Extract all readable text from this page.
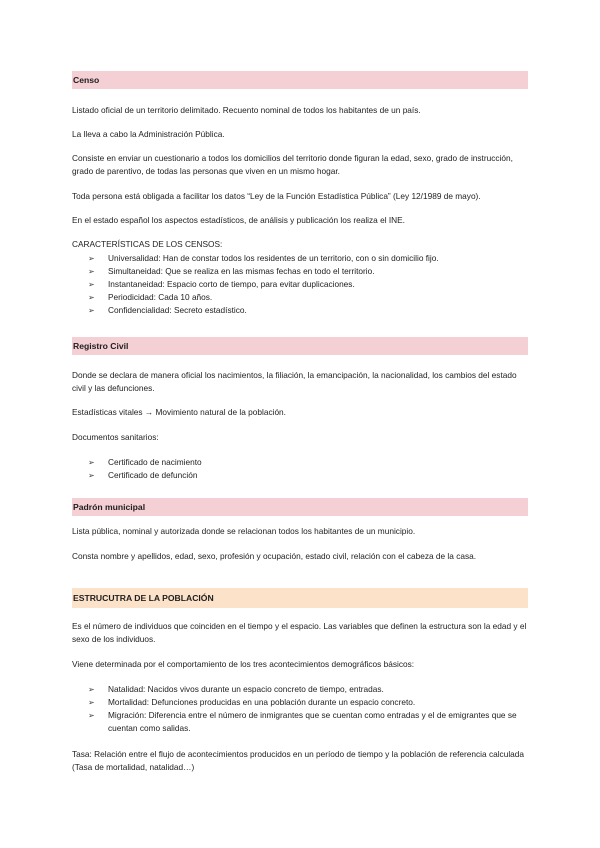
Censo

Listado oficial de un territorio delimitado. Recuento nominal de todos los habitantes de un país.

La lleva a cabo la Administración Pública.

Consiste en enviar un cuestionario a todos los domicilios del territorio donde figuran la edad, sexo, grado de instrucción, grado de parentivo, de todas las personas que viven en un mismo hogar.

Toda persona está obligada a facilitar los datos “Ley de la Función Estadística Pública” (Ley 12/1989 de mayo).

En el estado español los aspectos estadísticos, de análisis y publicación los realiza el INE.

CARACTERÍSTICAS DE LOS CENSOS:

➢ Universalidad: Han de constar todos los residentes de un territorio, con o sin domicilio fijo.
➢ Simultaneidad: Que se realiza en las mismas fechas en todo el territorio.
➢ Instantaneidad: Espacio corto de tiempo, para evitar duplicaciones.
➢ Periodicidad: Cada 10 años.
➢ Confidencialidad: Secreto estadístico.
Registro Civil

Donde se declara de manera oficial los nacimientos, la filiación, la emancipación, la nacionalidad, los cambios del estado civil y las defunciones.

Estadísticas vitales → Movimiento natural de la población.

Documentos sanitarios:

➢ Certificado de nacimiento
➢ Certificado de defunción
Padrón municipal

Lista pública, nominal y autorizada donde se relacionan todos los habitantes de un municipio.

Consta nombre y apellidos, edad, sexo, profesión y ocupación, estado civil, relación con el cabeza de la casa.

ESTRUCUTRA DE LA POBLACIÓN

Es el número de individuos que coinciden en el tiempo y el espacio. Las variables que definen la estructura son la edad y el sexo de los individuos.

Viene determinada por el comportamiento de los tres acontecimientos demográficos básicos:

➢ Natalidad: Nacidos vivos durante un espacio concreto de tiempo, entradas.
➢ Mortalidad: Defunciones producidas en una población durante un espacio concreto.
➢ Migración: Diferencia entre el número de inmigrantes que se cuentan como entradas y el de emigrantes que se cuentan como salidas.

Tasa: Relación entre el flujo de acontecimientos producidos en un período de tiempo y la población de referencia calculada (Tasa de mortalidad, natalidad…)
